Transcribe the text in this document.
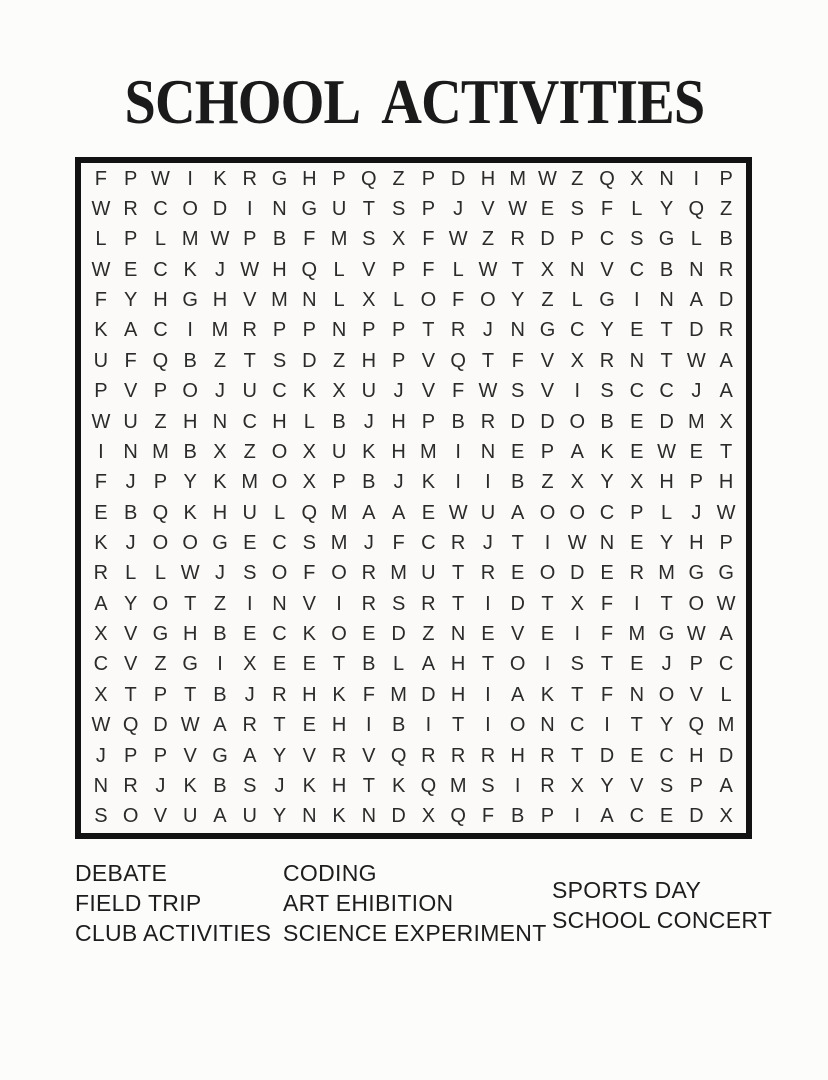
SCHOOL ACTIVITIES
F P W I	K R G H P Q Z P D H M W Z Q X N I	P
W R C O D I N G U T S P J V W E S F L Y Q Z
L P L M W P B F M S X F W Z R D P C S G L B
W E C K J W H Q L V P F L W T X N V C B N R
F Y H G H V M N L X L O F O Y Z L G I N A D
K A C I M R P P N P P T R J N G C Y E T D R
U F Q B Z T S D Z H P V Q T F V X R N T W A
P V P O J U C K X U J V F W S V	I	S C C J A
W U Z H N C H L B J H P B R D D O B E D M X
I N M B X Z O X U K H M I N E P A K E W E T
F J P Y K M O X P B J K	I	I	B Z X Y X H P H
E B Q K H U L Q M A A E W U A O O C P L J W
K J O O G E C S M J F C R J T	I W N E Y H P
R L L W J S O F O R M U T R E O D E R M G G
A Y O T Z	I N V	I R S R T	I D T X F	I	T O W
X V G H B E C K O E D Z N E V E	I	F M G W A
C V Z G I	X E E T B L A H T O I	S T E J P C
X T P T B J R H K F M D H I	A K T F N O V L
W Q D W A R T E H I	B	I	T	I O N C I	T Y Q M
J P P V G A Y V R V Q R R R H R T D E C H D
N R J K B S J K H T K Q M S	I R X Y V S P A
S O V U A U Y N K N D X Q F B P	I	A C E D X
DEBATE
FIELD TRIP
CLUB ACTIVITIES
CODING
ART EHIBITION
SCIENCE EXPERIMENT
SPORTS DAY
SCHOOL CONCERT
